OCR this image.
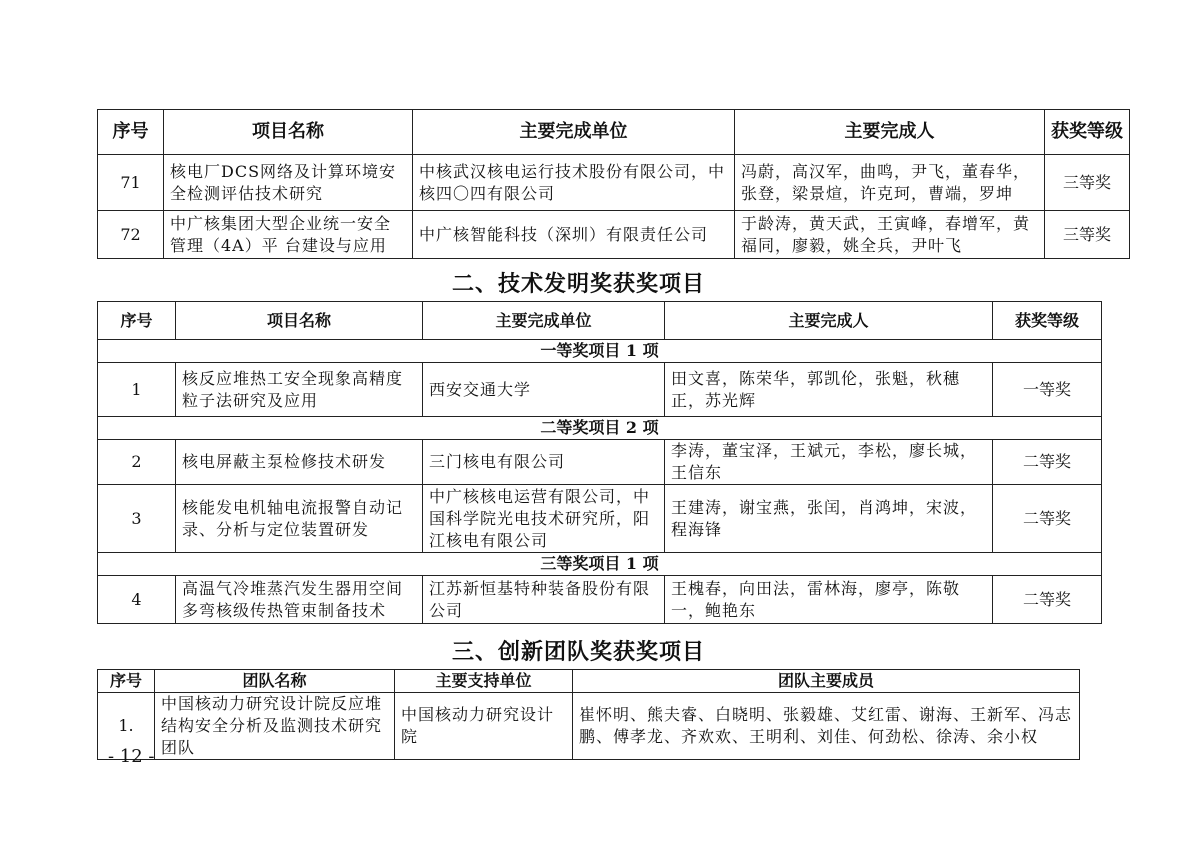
序号	项目名称	主要完成单位	主要完成人	获奖等级
71	核电厂DCS网络及计算环境安全检测评估技术研究	中核武汉核电运行技术股份有限公司，中核四〇四有限公司	冯蔚，高汉军，曲鸣，尹飞，董春华，张登，梁景煊，许克珂，曹端，罗坤	三等奖
72	中广核集团大型企业统一安全管理（4A）平 台建设与应用	中广核智能科技（深圳）有限责任公司	于龄涛，黄天武，王寅峰，春增军，黄福同，廖毅，姚全兵，尹叶飞	三等奖
二、技术发明奖获奖项目
序号	项目名称	主要完成单位	主要完成人	获奖等级
一等奖项目 1 项				
1	核反应堆热工安全现象高精度粒子法研究及应用	西安交通大学	田文喜，陈荣华，郭凯伦，张魁，秋穗正，苏光辉	一等奖
二等奖项目 2 项				
2	核电屏蔽主泵检修技术研发	三门核电有限公司	李涛，董宝泽，王斌元，李松，廖长城，王信东	二等奖
3	核能发电机轴电流报警自动记录、分析与定位装置研发	中广核核电运营有限公司，中国科学院光电技术研究所，阳江核电有限公司	王建涛，谢宝燕，张闰，肖鸿坤，宋波，程海锋	二等奖
三等奖项目 1 项				
4	高温气冷堆蒸汽发生器用空间多弯核级传热管束制备技术	江苏新恒基特种装备股份有限公司	王槐春，向田法，雷林海，廖亭，陈敬一，鲍艳东	二等奖
三、创新团队奖获奖项目
序号	团队名称	主要支持单位	团队主要成员
1.	中国核动力研究设计院反应堆结构安全分析及监测技术研究团队	中国核动力研究设计院	崔怀明、熊夫睿、白晓明、张毅雄、艾红雷、谢海、王新军、冯志鹏、傅孝龙、齐欢欢、王明利、刘佳、何劲松、徐涛、余小权
- 12 -
